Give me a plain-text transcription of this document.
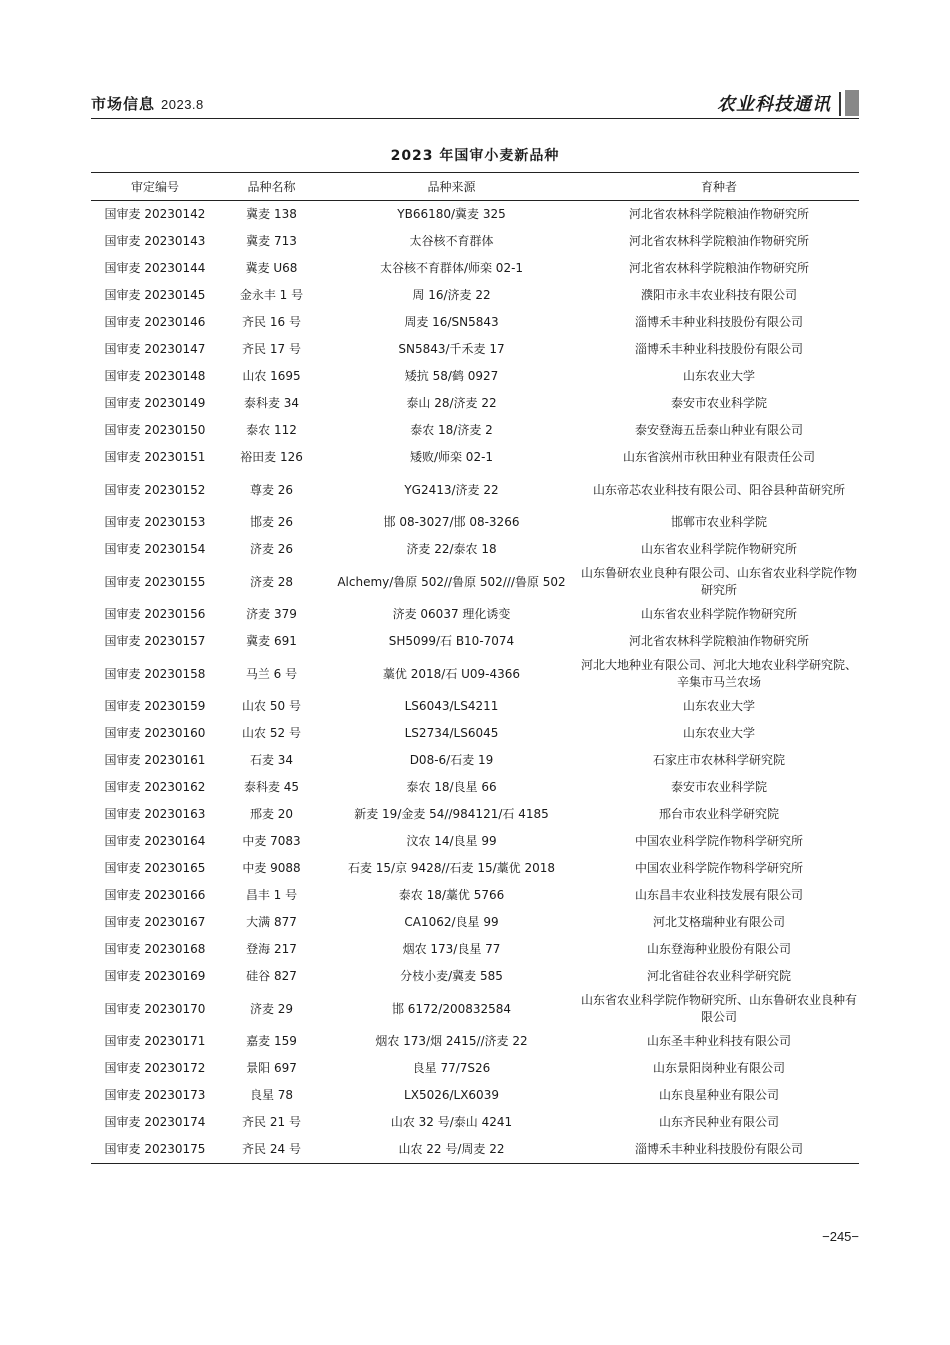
市场信息 2023.8	农业科技通讯
2023 年国审小麦新品种
审定编号	品种名称	品种来源	育种者
国审麦 20230142	冀麦 138	YB66180/冀麦 325	河北省农林科学院粮油作物研究所
国审麦 20230143	冀麦 713	太谷核不育群体	河北省农林科学院粮油作物研究所
国审麦 20230144	冀麦 U68	太谷核不育群体/师栾 02-1	河北省农林科学院粮油作物研究所
国审麦 20230145	金永丰 1 号	周 16/济麦 22	濮阳市永丰农业科技有限公司
国审麦 20230146	齐民 16 号	周麦 16/SN5843	淄博禾丰种业科技股份有限公司
国审麦 20230147	齐民 17 号	SN5843/千禾麦 17	淄博禾丰种业科技股份有限公司
国审麦 20230148	山农 1695	矮抗 58/鹤 0927	山东农业大学
国审麦 20230149	泰科麦 34	泰山 28/济麦 22	泰安市农业科学院
国审麦 20230150	泰农 112	泰农 18/济麦 2	泰安登海五岳泰山种业有限公司
国审麦 20230151	裕田麦 126	矮败/师栾 02-1	山东省滨州市秋田种业有限责任公司
国审麦 20230152	尊麦 26	YG2413/济麦 22	山东帝芯农业科技有限公司、阳谷县种苗研究所
国审麦 20230153	邯麦 26	邯 08-3027/邯 08-3266	邯郸市农业科学院
国审麦 20230154	济麦 26	济麦 22/泰农 18	山东省农业科学院作物研究所
国审麦 20230155	济麦 28	Alchemy/鲁原 502//鲁原 502///鲁原 502	山东鲁研农业良种有限公司、山东省农业科学院作物研究所
国审麦 20230156	济麦 379	济麦 06037 理化诱变	山东省农业科学院作物研究所
国审麦 20230157	冀麦 691	SH5099/石 B10-7074	河北省农林科学院粮油作物研究所
国审麦 20230158	马兰 6 号	藁优 2018/石 U09-4366	河北大地种业有限公司、河北大地农业科学研究院、辛集市马兰农场
国审麦 20230159	山农 50 号	LS6043/LS4211	山东农业大学
国审麦 20230160	山农 52 号	LS2734/LS6045	山东农业大学
国审麦 20230161	石麦 34	D08-6/石麦 19	石家庄市农林科学研究院
国审麦 20230162	泰科麦 45	泰农 18/良星 66	泰安市农业科学院
国审麦 20230163	邢麦 20	新麦 19/金麦 54//984121/石 4185	邢台市农业科学研究院
国审麦 20230164	中麦 7083	汶农 14/良星 99	中国农业科学院作物科学研究所
国审麦 20230165	中麦 9088	石麦 15/京 9428//石麦 15/藁优 2018	中国农业科学院作物科学研究所
国审麦 20230166	昌丰 1 号	泰农 18/藁优 5766	山东昌丰农业科技发展有限公司
国审麦 20230167	大满 877	CA1062/良星 99	河北艾格瑞种业有限公司
国审麦 20230168	登海 217	烟农 173/良星 77	山东登海种业股份有限公司
国审麦 20230169	硅谷 827	分枝小麦/冀麦 585	河北省硅谷农业科学研究院
国审麦 20230170	济麦 29	邯 6172/200832584	山东省农业科学院作物研究所、山东鲁研农业良种有限公司
国审麦 20230171	嘉麦 159	烟农 173/烟 2415//济麦 22	山东圣丰种业科技有限公司
国审麦 20230172	景阳 697	良星 77/7S26	山东景阳岗种业有限公司
国审麦 20230173	良星 78	LX5026/LX6039	山东良星种业有限公司
国审麦 20230174	齐民 21 号	山农 32 号/泰山 4241	山东齐民种业有限公司
国审麦 20230175	齐民 24 号	山农 22 号/周麦 22	淄博禾丰种业科技股份有限公司
−245−
